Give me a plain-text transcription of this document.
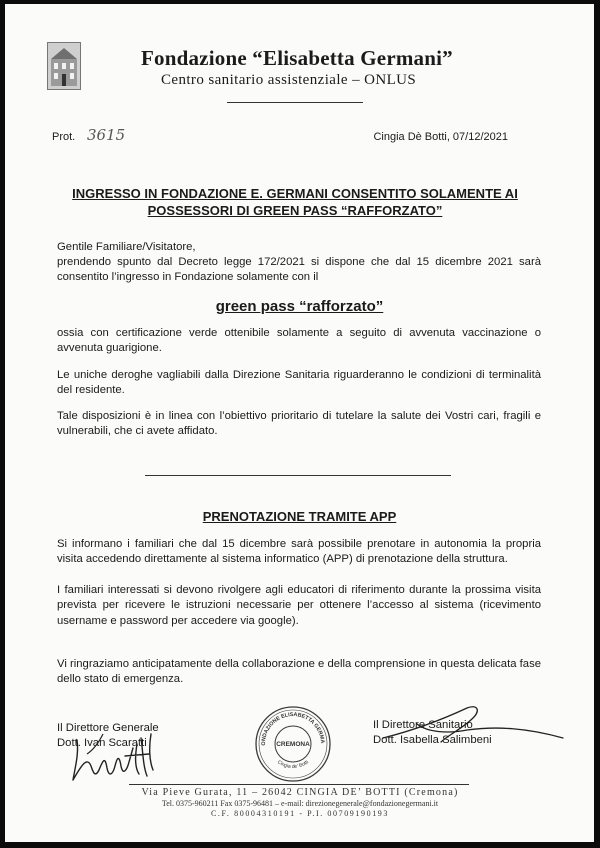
Fondazione “Elisabetta Germani”
Centro sanitario assistenziale – ONLUS
Prot. 3615	Cingia Dè Botti, 07/12/2021
INGRESSO IN FONDAZIONE E. GERMANI CONSENTITO SOLAMENTE AI
POSSESSORI DI GREEN PASS “RAFFORZATO”
Gentile Familiare/Visitatore,
prendendo spunto dal Decreto legge 172/2021 si dispone che dal 15 dicembre 2021 sarà consentito l’ingresso in Fondazione solamente con il
green pass “rafforzato”
ossia con certificazione verde ottenibile solamente a seguito di avvenuta vaccinazione o avvenuta guarigione.
Le uniche deroghe vagliabili dalla Direzione Sanitaria riguarderanno le condizioni di terminalità del residente.
Tale disposizioni è in linea con l’obiettivo prioritario di tutelare la salute dei Vostri cari, fragili e vulnerabili, che ci avete affidato.
PRENOTAZIONE TRAMITE APP
Si informano i familiari che dal 15 dicembre sarà possibile prenotare in autonomia la propria visita accedendo direttamente al sistema informatico (APP) di prenotazione della struttura.
I familiari interessati si devono rivolgere agli educatori di riferimento durante la prossima visita prevista per ricevere le istruzioni necessarie per ottenere l’accesso al sistema (ricevimento username e password per accedere via google).
Vi ringraziamo anticipatamente della collaborazione e della comprensione in questa delicata fase dello stato di emergenza.
Il Direttore Generale
Dott. Ivan Scaratti	ONDAZIONE ELISABETTA GERMA
CREMONA
Cingia de’ Botti
Il Direttore Sanitario
Dott. Isabella Salimbeni
Via Pieve Gurata, 11 – 26042 CINGIA DE’ BOTTI (Cremona)
Tel. 0375-960211 Fax 0375-96481 – e-mail: direzionegenerale@fondazionegermani.it
C.F. 80004310191 - P.I. 00709190193
